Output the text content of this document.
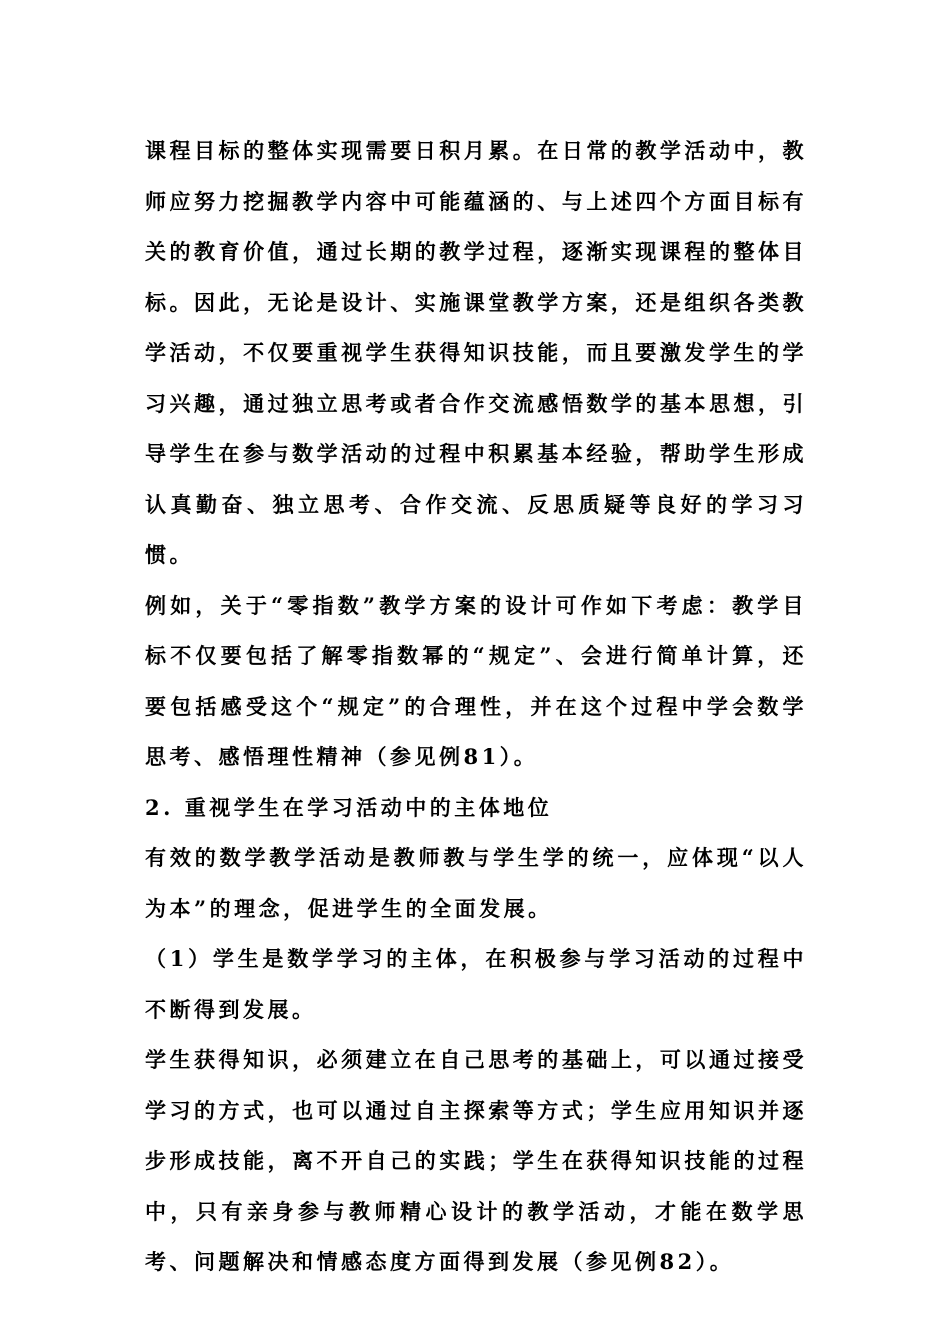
课程目标的整体实现需要日积月累。在日常的教学活动中，教师应努力挖掘教学内容中可能蕴涵的、与上述四个方面目标有关的教育价值，通过长期的教学过程，逐渐实现课程的整体目标。因此，无论是设计、实施课堂教学方案，还是组织各类教学活动，不仅要重视学生获得知识技能，而且要激发学生的学习兴趣，通过独立思考或者合作交流感悟数学的基本思想，引导学生在参与数学活动的过程中积累基本经验，帮助学生形成认真勤奋、独立思考、合作交流、反思质疑等良好的学习习惯。

例如，关于“零指数”教学方案的设计可作如下考虑：教学目标不仅要包括了解零指数幂的“规定”、会进行简单计算，还要包括感受这个“规定”的合理性，并在这个过程中学会数学思考、感悟理性精神（参见例81）。

2. 重视学生在学习活动中的主体地位

有效的数学教学活动是教师教与学生学的统一，应体现“以人为本”的理念，促进学生的全面发展。

（1）学生是数学学习的主体，在积极参与学习活动的过程中不断得到发展。

学生获得知识，必须建立在自己思考的基础上，可以通过接受学习的方式，也可以通过自主探索等方式；学生应用知识并逐步形成技能，离不开自己的实践；学生在获得知识技能的过程中，只有亲身参与教师精心设计的教学活动，才能在数学思考、问题解决和情感态度方面得到发展（参见例82）。
